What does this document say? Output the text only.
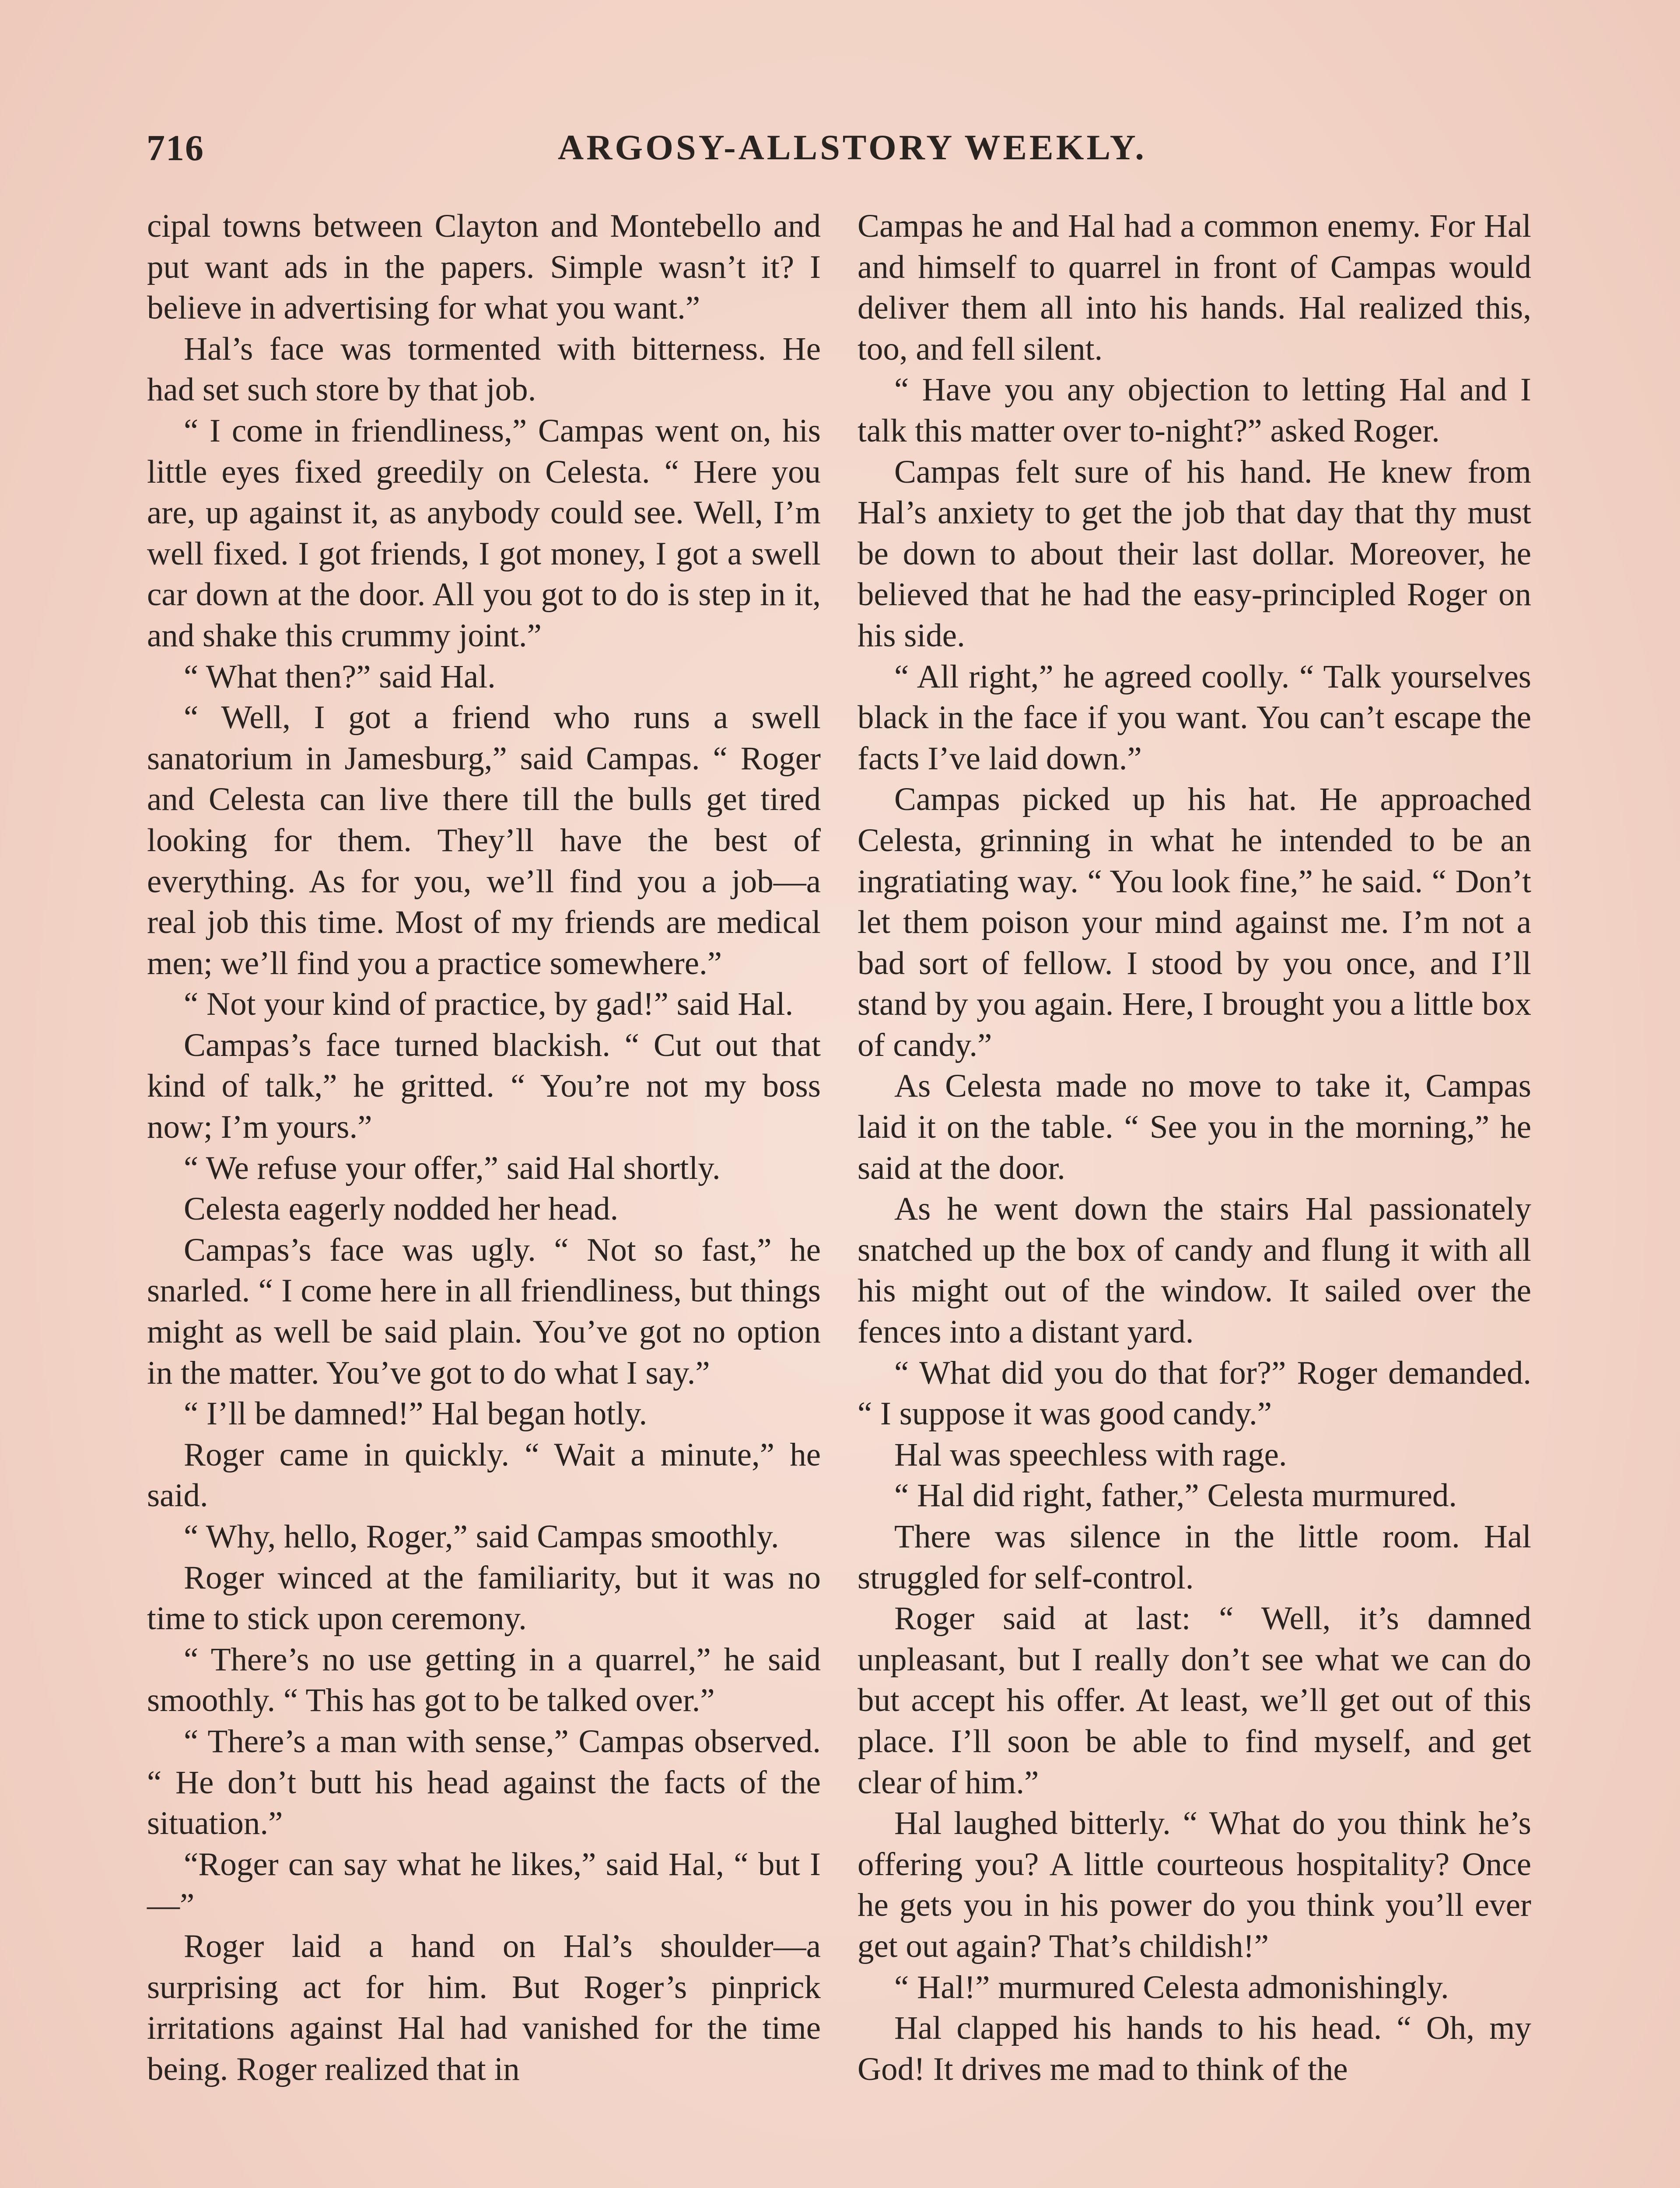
716	ARGOSY-ALLSTORY WEEKLY.

cipal towns between Clayton and Montebello and put want ads in the papers. Simple wasn’t it? I believe in advertising for what you want.”

Hal’s face was tormented with bitterness. He had set such store by that job.

“ I come in friendliness,” Campas went on, his little eyes fixed greedily on Celesta. “ Here you are, up against it, as anybody could see. Well, I’m well fixed. I got friends, I got money, I got a swell car down at the door. All you got to do is step in it, and shake this crummy joint.”

“ What then?” said Hal.

“ Well, I got a friend who runs a swell sanatorium in Jamesburg,” said Campas. “ Roger and Celesta can live there till the bulls get tired looking for them. They’ll have the best of everything. As for you, we’ll find you a job—a real job this time. Most of my friends are medical men; we’ll find you a practice somewhere.”

“ Not your kind of practice, by gad!” said Hal.

Campas’s face turned blackish. “ Cut out that kind of talk,” he gritted. “ You’re not my boss now; I’m yours.”

“ We refuse your offer,” said Hal shortly.

Celesta eagerly nodded her head.

Campas’s face was ugly. “ Not so fast,” he snarled. “ I come here in all friendliness, but things might as well be said plain. You’ve got no option in the matter. You’ve got to do what I say.”

“ I’ll be damned!” Hal began hotly.

Roger came in quickly. “ Wait a minute,” he said.

“ Why, hello, Roger,” said Campas smoothly.

Roger winced at the familiarity, but it was no time to stick upon ceremony.

“ There’s no use getting in a quarrel,” he said smoothly. “ This has got to be talked over.”

“ There’s a man with sense,” Campas observed. “ He don’t butt his head against the facts of the situation.”

“Roger can say what he likes,” said Hal, “ but I—”

Roger laid a hand on Hal’s shoulder—a surprising act for him. But Roger’s pinprick irritations against Hal had vanished for the time being. Roger realized that in

Campas he and Hal had a common enemy. For Hal and himself to quarrel in front of Campas would deliver them all into his hands. Hal realized this, too, and fell silent.

“ Have you any objection to letting Hal and I talk this matter over to-night?” asked Roger.

Campas felt sure of his hand. He knew from Hal’s anxiety to get the job that day that thy must be down to about their last dollar. Moreover, he believed that he had the easy-principled Roger on his side.

“ All right,” he agreed coolly. “ Talk yourselves black in the face if you want. You can’t escape the facts I’ve laid down.”

Campas picked up his hat. He approached Celesta, grinning in what he intended to be an ingratiating way. “ You look fine,” he said. “ Don’t let them poison your mind against me. I’m not a bad sort of fellow. I stood by you once, and I’ll stand by you again. Here, I brought you a little box of candy.”

As Celesta made no move to take it, Campas laid it on the table. “ See you in the morning,” he said at the door.

As he went down the stairs Hal passionately snatched up the box of candy and flung it with all his might out of the window. It sailed over the fences into a distant yard.

“ What did you do that for?” Roger demanded. “ I suppose it was good candy.”

Hal was speechless with rage.

“ Hal did right, father,” Celesta murmured.

There was silence in the little room. Hal struggled for self-control.

Roger said at last: “ Well, it’s damned unpleasant, but I really don’t see what we can do but accept his offer. At least, we’ll get out of this place. I’ll soon be able to find myself, and get clear of him.”

Hal laughed bitterly. “ What do you think he’s offering you? A little courteous hospitality? Once he gets you in his power do you think you’ll ever get out again? That’s childish!”

“ Hal!” murmured Celesta admonishingly.

Hal clapped his hands to his head. “ Oh, my God! It drives me mad to think of the
